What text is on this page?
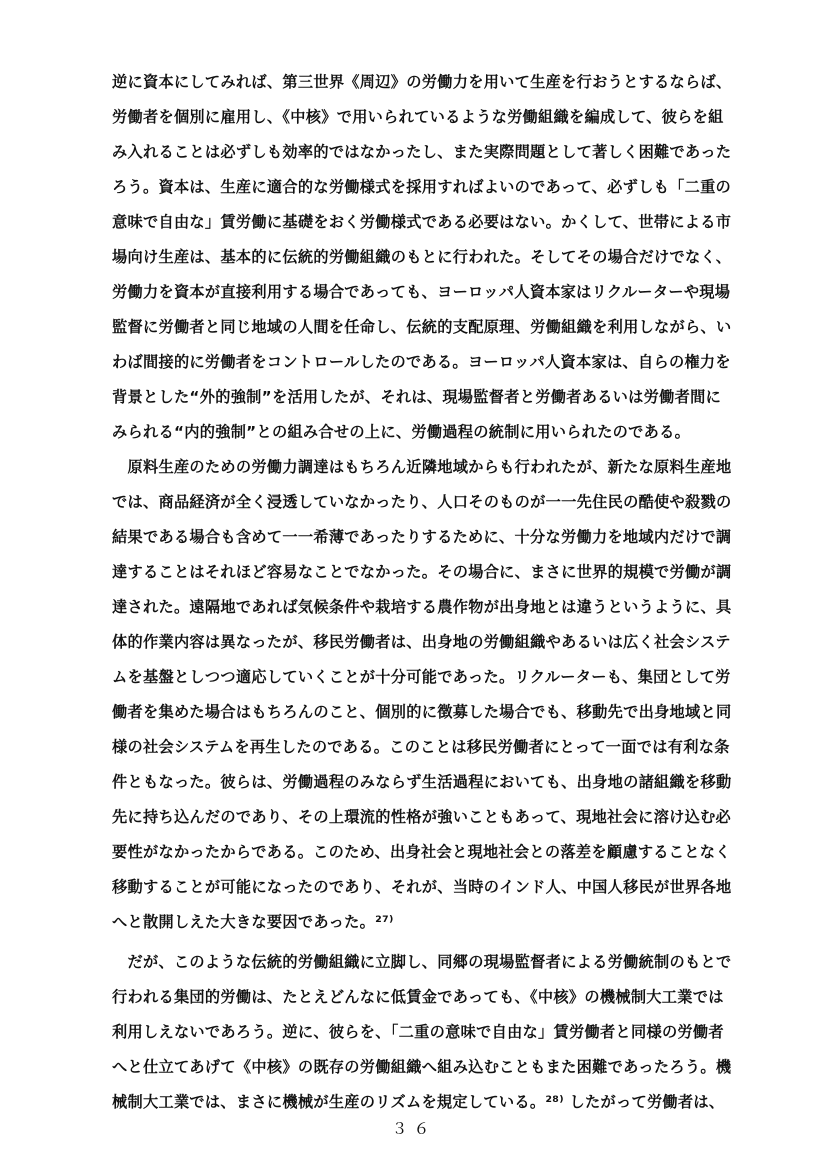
逆に資本にしてみれば、第三世界《周辺》の労働力を用いて生産を行おうとするならば、
労働者を個別に雇用し、《中核》で用いられているような労働組織を編成して、彼らを組
み入れることは必ずしも効率的ではなかったし、また実際問題として著しく困難であった
ろう。資本は、生産に適合的な労働様式を採用すればよいのであって、必ずしも「二重の
意味で自由な」賃労働に基礎をおく労働様式である必要はない。かくして、世帯による市
場向け生産は、基本的に伝統的労働組織のもとに行われた。そしてその場合だけでなく、
労働力を資本が直接利用する場合であっても、ヨーロッパ人資本家はリクルーターや現場
監督に労働者と同じ地域の人間を任命し、伝統的支配原理、労働組織を利用しながら、い
わば間接的に労働者をコントロールしたのである。ヨーロッパ人資本家は、自らの権力を
背景とした“外的強制”を活用したが、それは、現場監督者と労働者あるいは労働者間に
みられる“内的強制”との組み合せの上に、労働過程の統制に用いられたのである。
　原料生産のための労働力調達はもちろん近隣地域からも行われたが、新たな原料生産地
では、商品経済が全く浸透していなかったり、人口そのものが一一先住民の酷使や殺戮の
結果である場合も含めて一一希薄であったりするために、十分な労働力を地域内だけで調
達することはそれほど容易なことでなかった。その場合に、まさに世界的規模で労働が調
達された。遠隔地であれば気候条件や栽培する農作物が出身地とは違うというように、具
体的作業内容は異なったが、移民労働者は、出身地の労働組織やあるいは広く社会システ
ムを基盤としつつ適応していくことが十分可能であった。リクルーターも、集団として労
働者を集めた場合はもちろんのこと、個別的に徴募した場合でも、移動先で出身地域と同
様の社会システムを再生したのである。このことは移民労働者にとって一面では有利な条
件ともなった。彼らは、労働過程のみならず生活過程においても、出身地の諸組織を移動
先に持ち込んだのであり、その上環流的性格が強いこともあって、現地社会に溶け込む必
要性がなかったからである。このため、出身社会と現地社会との落差を顧慮することなく
移動することが可能になったのであり、それが、当時のインド人、中国人移民が世界各地
へと散開しえた大きな要因であった。²⁷⁾
　だが、このような伝統的労働組織に立脚し、同郷の現場監督者による労働統制のもとで
行われる集団的労働は、たとえどんなに低賃金であっても、《中核》の機械制大工業では
利用しえないであろう。逆に、彼らを、「二重の意味で自由な」賃労働者と同様の労働者
へと仕立てあげて《中核》の既存の労働組織へ組み込むこともまた困難であったろう。機
械制大工業では、まさに機械が生産のリズムを規定している。²⁸⁾ したがって労働者は、
３６
